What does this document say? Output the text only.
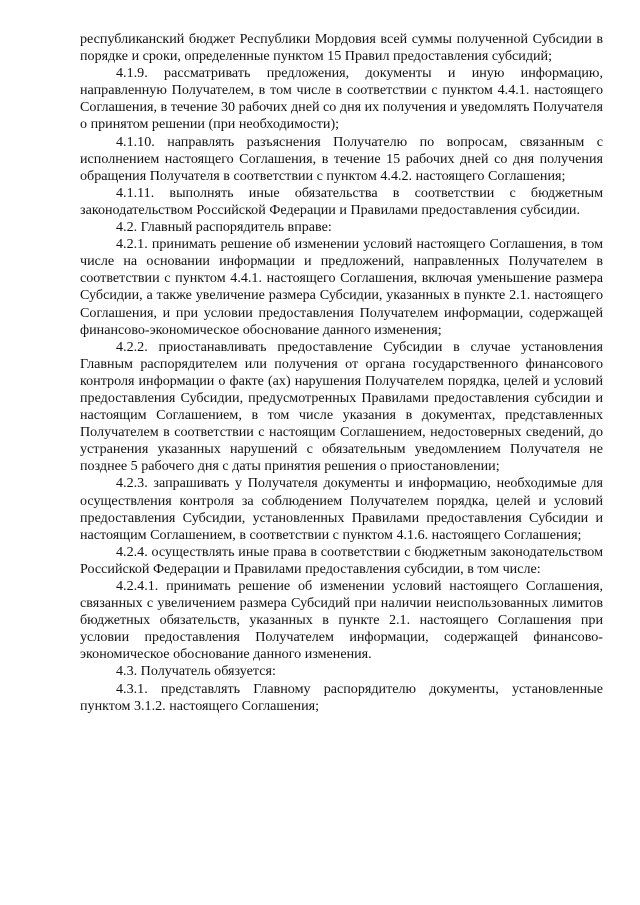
республиканский бюджет Республики Мордовия всей суммы полученной Субсидии в порядке и сроки, определенные пунктом 15 Правил предоставления субсидий;

4.1.9. рассматривать предложения, документы и иную информацию, направленную Получателем, в том числе в соответствии с пунктом 4.4.1. настоящего Соглашения, в течение 30 рабочих дней со дня их получения и уведомлять Получателя о принятом решении (при необходимости);

4.1.10. направлять разъяснения Получателю по вопросам, связанным с исполнением настоящего Соглашения, в течение 15 рабочих дней со дня получения обращения Получателя в соответствии с пунктом 4.4.2. настоящего Соглашения;

4.1.11. выполнять иные обязательства в соответствии с бюджетным законодательством Российской Федерации и Правилами предоставления субсидии.

4.2. Главный распорядитель вправе:

4.2.1. принимать решение об изменении условий настоящего Соглашения, в том числе на основании информации и предложений, направленных Получателем в соответствии с пунктом 4.4.1. настоящего Соглашения, включая уменьшение размера Субсидии, а также увеличение размера Субсидии, указанных в пункте 2.1. настоящего Соглашения, и при условии предоставления Получателем информации, содержащей финансово-экономическое обоснование данного изменения;

4.2.2. приостанавливать предоставление Субсидии в случае установления Главным распорядителем или получения от органа государственного финансового контроля информации о факте (ах) нарушения Получателем порядка, целей и условий предоставления Субсидии, предусмотренных Правилами предоставления субсидии и настоящим Соглашением, в том числе указания в документах, представленных Получателем в соответствии с настоящим Соглашением, недостоверных сведений, до устранения указанных нарушений с обязательным уведомлением Получателя не позднее 5 рабочего дня с даты принятия решения о приостановлении;

4.2.3. запрашивать у Получателя документы и информацию, необходимые для осуществления контроля за соблюдением Получателем порядка, целей и условий предоставления Субсидии, установленных Правилами предоставления Субсидии и настоящим Соглашением, в соответствии с пунктом 4.1.6. настоящего Соглашения;

4.2.4. осуществлять иные права в соответствии с бюджетным законодательством Российской Федерации и Правилами предоставления субсидии, в том числе:

4.2.4.1. принимать решение об изменении условий настоящего Соглашения, связанных с увеличением размера Субсидий при наличии неиспользованных лимитов бюджетных обязательств, указанных в пункте 2.1. настоящего Соглашения при условии предоставления Получателем информации, содержащей финансово-экономическое обоснование данного изменения.

4.3. Получатель обязуется:

4.3.1. представлять Главному распорядителю документы, установленные пунктом 3.1.2. настоящего Соглашения;
